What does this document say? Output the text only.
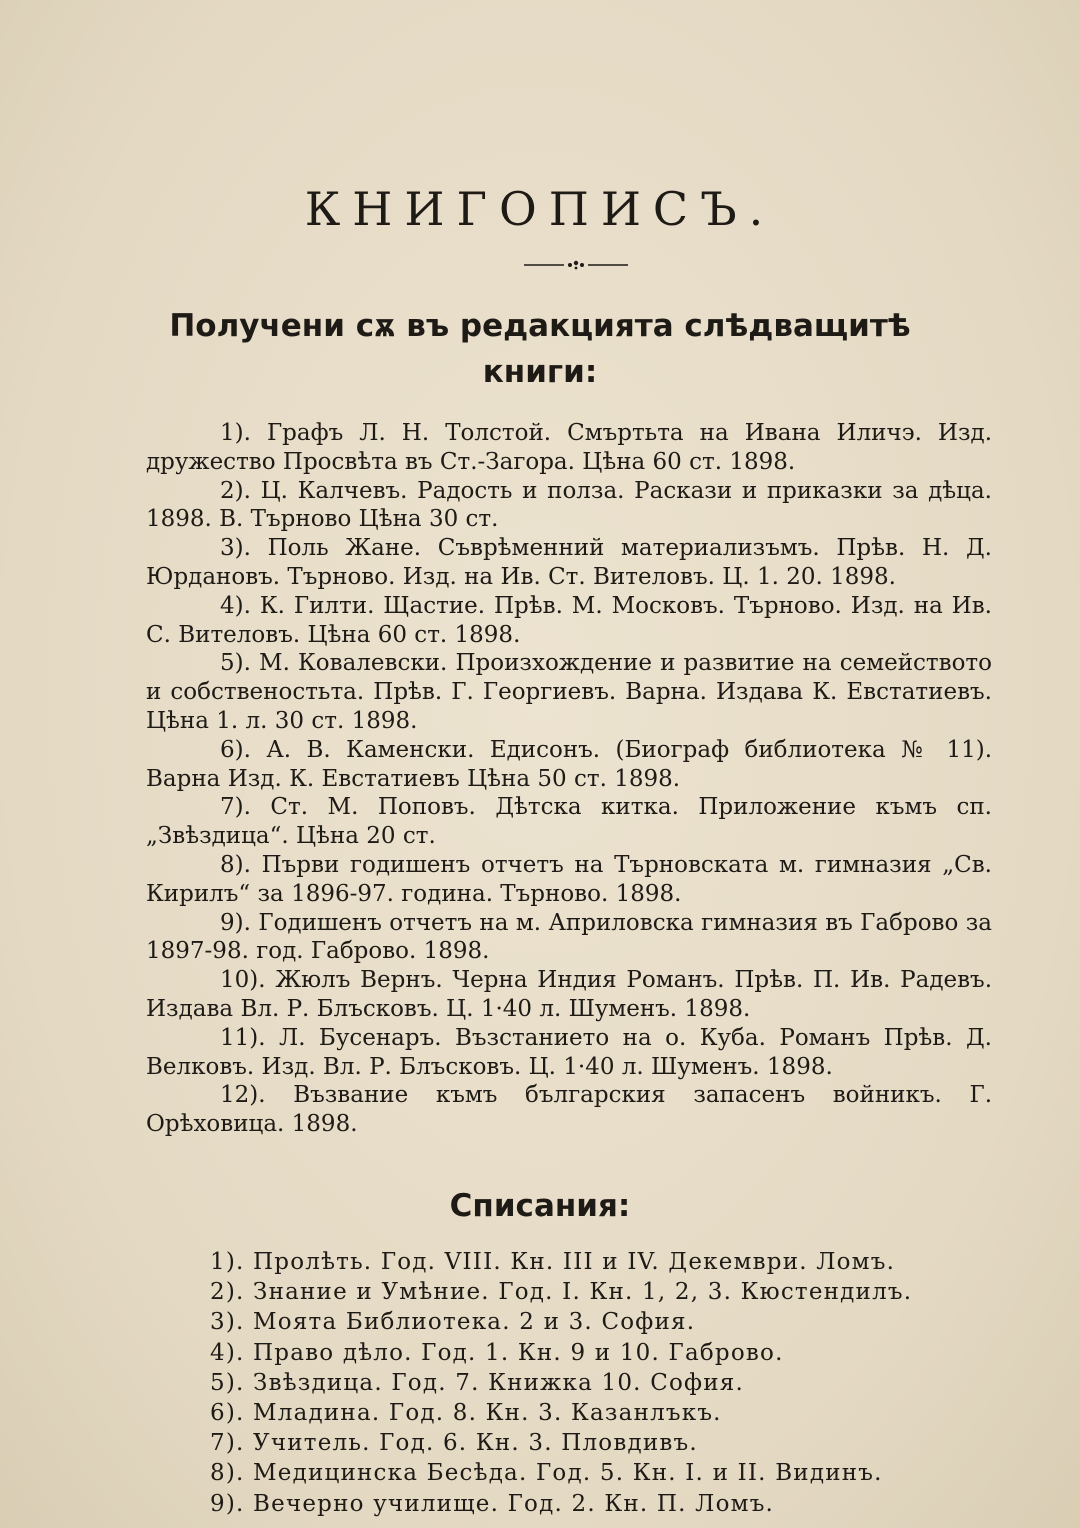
КНИГОПИСЪ.
Получени сѫ въ редакцията слѣдващитѣ
книги:

1). Графъ Л. Н. Толстой. Смъртьта на Ивана Иличэ. Изд. дружество Просвѣта въ Ст.-Загора. Цѣна 60 ст. 1898.

2). Ц. Калчевъ. Радость и полза. Раскази и приказки за дѣца. 1898. В. Търново Цѣна 30 ст.

3). Поль Жане. Съврѣменний материализъмъ. Прѣв. Н. Д. Юрдановъ. Търново. Изд. на Ив. Ст. Вителовъ. Ц. 1. 20. 1898.

4). К. Гилти. Щастие. Прѣв. М. Московъ. Търново. Изд. на Ив. С. Вителовъ. Цѣна 60 ст. 1898.

5). М. Ковалевски. Произхождение и развитие на семейството и собственостьта. Прѣв. Г. Георгиевъ. Варна. Издава К. Евстатиевъ. Цѣна 1. л. 30 ст. 1898.

6). А. В. Каменски. Едисонъ. (Биограф библиотека № 11). Варна Изд. К. Евстатиевъ Цѣна 50 ст. 1898.

7). Ст. М. Поповъ. Дѣтска китка. Приложение къмъ сп. „Звѣздица“. Цѣна 20 ст.

8). Първи годишенъ отчетъ на Търновската м. гимназия „Св. Кирилъ“ за 1896-97. година. Търново. 1898.

9). Годишенъ отчетъ на м. Априловска гимназия въ Габрово за 1897-98. год. Габрово. 1898.

10). Жюлъ Вернъ. Черна Индия Романъ. Прѣв. П. Ив. Радевъ. Издава Вл. Р. Блъсковъ. Ц. 1·40 л. Шуменъ. 1898.

11). Л. Бусенаръ. Възстанието на о. Куба. Романъ Прѣв. Д. Велковъ. Изд. Вл. Р. Блъсковъ. Ц. 1·40 л. Шуменъ. 1898.

12). Възвание къмъ българския запасенъ войникъ. Г. Орѣховица. 1898.

Списания:

1). Пролѣть. Год. VIII. Кн. III и IV. Декември. Ломъ.

2). Знание и Умѣние. Год. I. Кн. 1, 2, 3. Кюстендилъ.

3). Моята Библиотека. 2 и 3. София.

4). Право дѣло. Год. 1. Кн. 9 и 10. Габрово.

5). Звѣздица. Год. 7. Книжка 10. София.

6). Младина. Год. 8. Кн. 3. Казанлъкъ.

7). Учитель. Год. 6. Кн. 3. Пловдивъ.

8). Медицинска Бесѣда. Год. 5. Кн. I. и II. Видинъ.

9). Вечерно училище. Год. 2. Кн. П. Ломъ.
